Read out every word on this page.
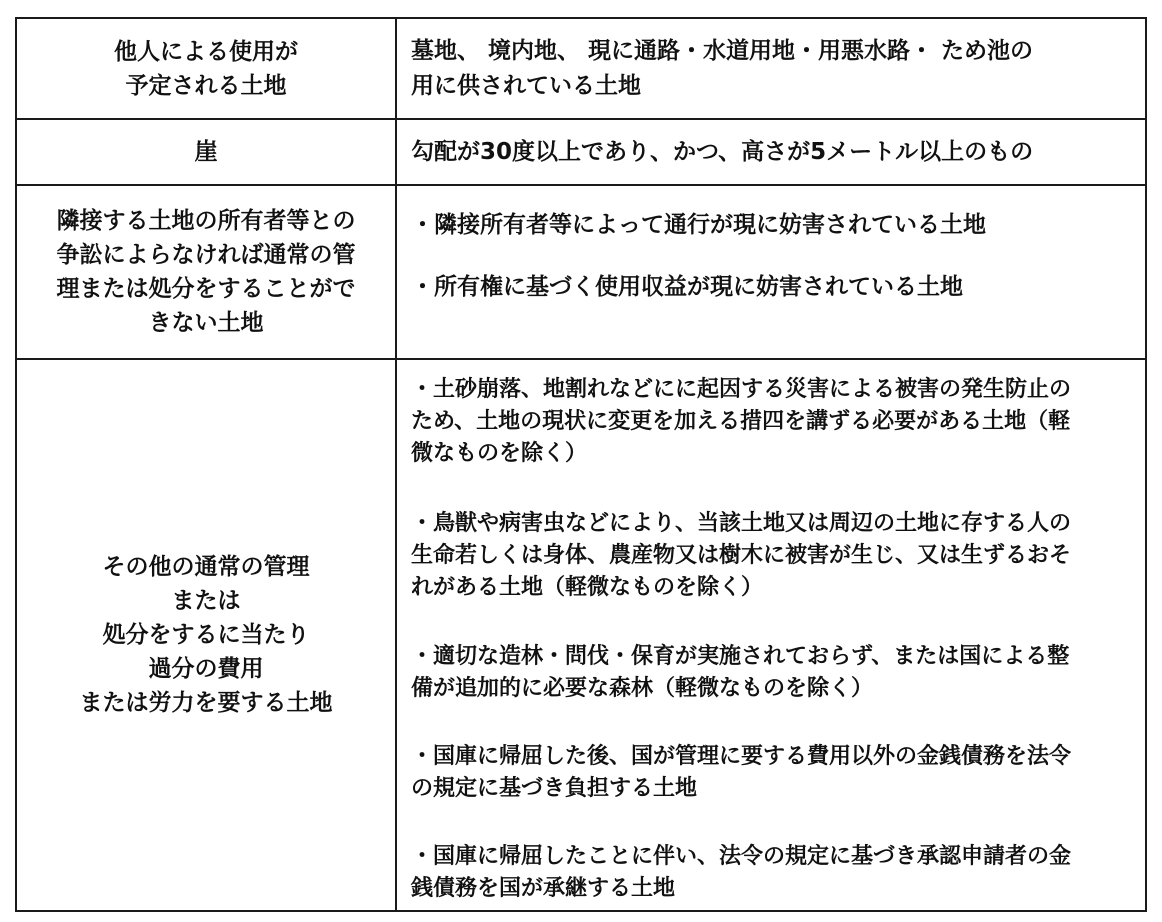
他人による使用が
予定される土地
墓地、 境内地、 現に通路・水道用地・用悪水路・ ため池の
用に供されている土地
崖	勾配が30度以上であり、かつ、高さが5メートル以上のもの
隣接する土地の所有者等との
争訟によらなければ通常の管
理または処分をすることがで
きない土地
・隣接所有者等によって通行が現に妨害されている土地
・所有権に基づく使用収益が現に妨害されている土地
その他の通常の管理
または
処分をするに当たり
過分の費用
または労力を要する土地
・土砂崩落、地割れなどにに起因する災害による被害の発生防止の
ため、土地の現状に変更を加える措四を講ずる必要がある土地（軽
微なものを除く）
・鳥獣や病害虫などにより、当該土地又は周辺の土地に存する人の
生命若しくは身体、農産物又は樹木に被害が生じ、又は生ずるおそ
れがある土地（軽微なものを除く）
・適切な造林・問伐・保育が実施されておらず、または国による整
備が追加的に必要な森林（軽微なものを除く）
・国庫に帰屈した後、国が管理に要する費用以外の金銭債務を法令
の規定に基づき負担する土地
・国庫に帰屈したことに伴い、法令の規定に基づき承認申請者の金
銭債務を国が承継する土地
